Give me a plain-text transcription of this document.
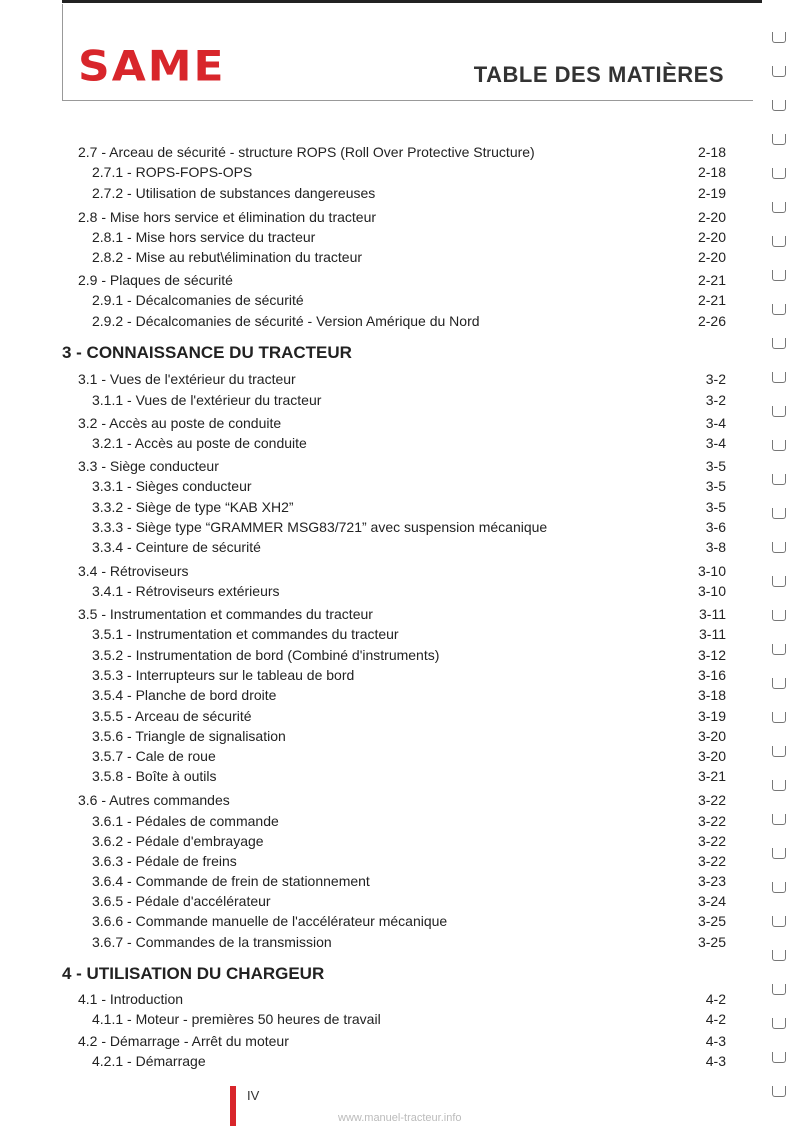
SAME	TABLE DES MATIÈRES
2.7 - Arceau de sécurité - structure ROPS (Roll Over Protective Structure)	2-18
2.7.1 - ROPS-FOPS-OPS	2-18
2.7.2 - Utilisation de substances dangereuses	2-19
2.8 - Mise hors service et élimination du tracteur	2-20
2.8.1 - Mise hors service du tracteur	2-20
2.8.2 - Mise au rebut\élimination du tracteur	2-20
2.9 - Plaques de sécurité	2-21
2.9.1 - Décalcomanies de sécurité	2-21
2.9.2 - Décalcomanies de sécurité - Version Amérique du Nord	2-26
3 - CONNAISSANCE DU TRACTEUR
3.1 - Vues de l'extérieur du tracteur	3-2
3.1.1 - Vues de l'extérieur du tracteur	3-2
3.2 - Accès au poste de conduite	3-4
3.2.1 - Accès au poste de conduite	3-4
3.3 - Siège conducteur	3-5
3.3.1 - Sièges conducteur	3-5
3.3.2 - Siège de type “KAB XH2”	3-5
3.3.3 - Siège type “GRAMMER MSG83/721” avec suspension mécanique	3-6
3.3.4 - Ceinture de sécurité	3-8
3.4 - Rétroviseurs	3-10
3.4.1 - Rétroviseurs extérieurs	3-10
3.5 - Instrumentation et commandes du tracteur	3-11
3.5.1 - Instrumentation et commandes du tracteur	3-11
3.5.2 - Instrumentation de bord (Combiné d'instruments)	3-12
3.5.3 - Interrupteurs sur le tableau de bord	3-16
3.5.4 - Planche de bord droite	3-18
3.5.5 - Arceau de sécurité	3-19
3.5.6 - Triangle de signalisation	3-20
3.5.7 - Cale de roue	3-20
3.5.8 - Boîte à outils	3-21
3.6 - Autres commandes	3-22
3.6.1 - Pédales de commande	3-22
3.6.2 - Pédale d'embrayage	3-22
3.6.3 - Pédale de freins	3-22
3.6.4 - Commande de frein de stationnement	3-23
3.6.5 - Pédale d'accélérateur	3-24
3.6.6 - Commande manuelle de l'accélérateur mécanique	3-25
3.6.7 - Commandes de la transmission	3-25
4 - UTILISATION DU CHARGEUR
4.1 - Introduction	4-2
4.1.1 - Moteur - premières 50 heures de travail	4-2
4.2 - Démarrage - Arrêt du moteur	4-3
4.2.1 - Démarrage	4-3
IV
www.manuel-tracteur.info
